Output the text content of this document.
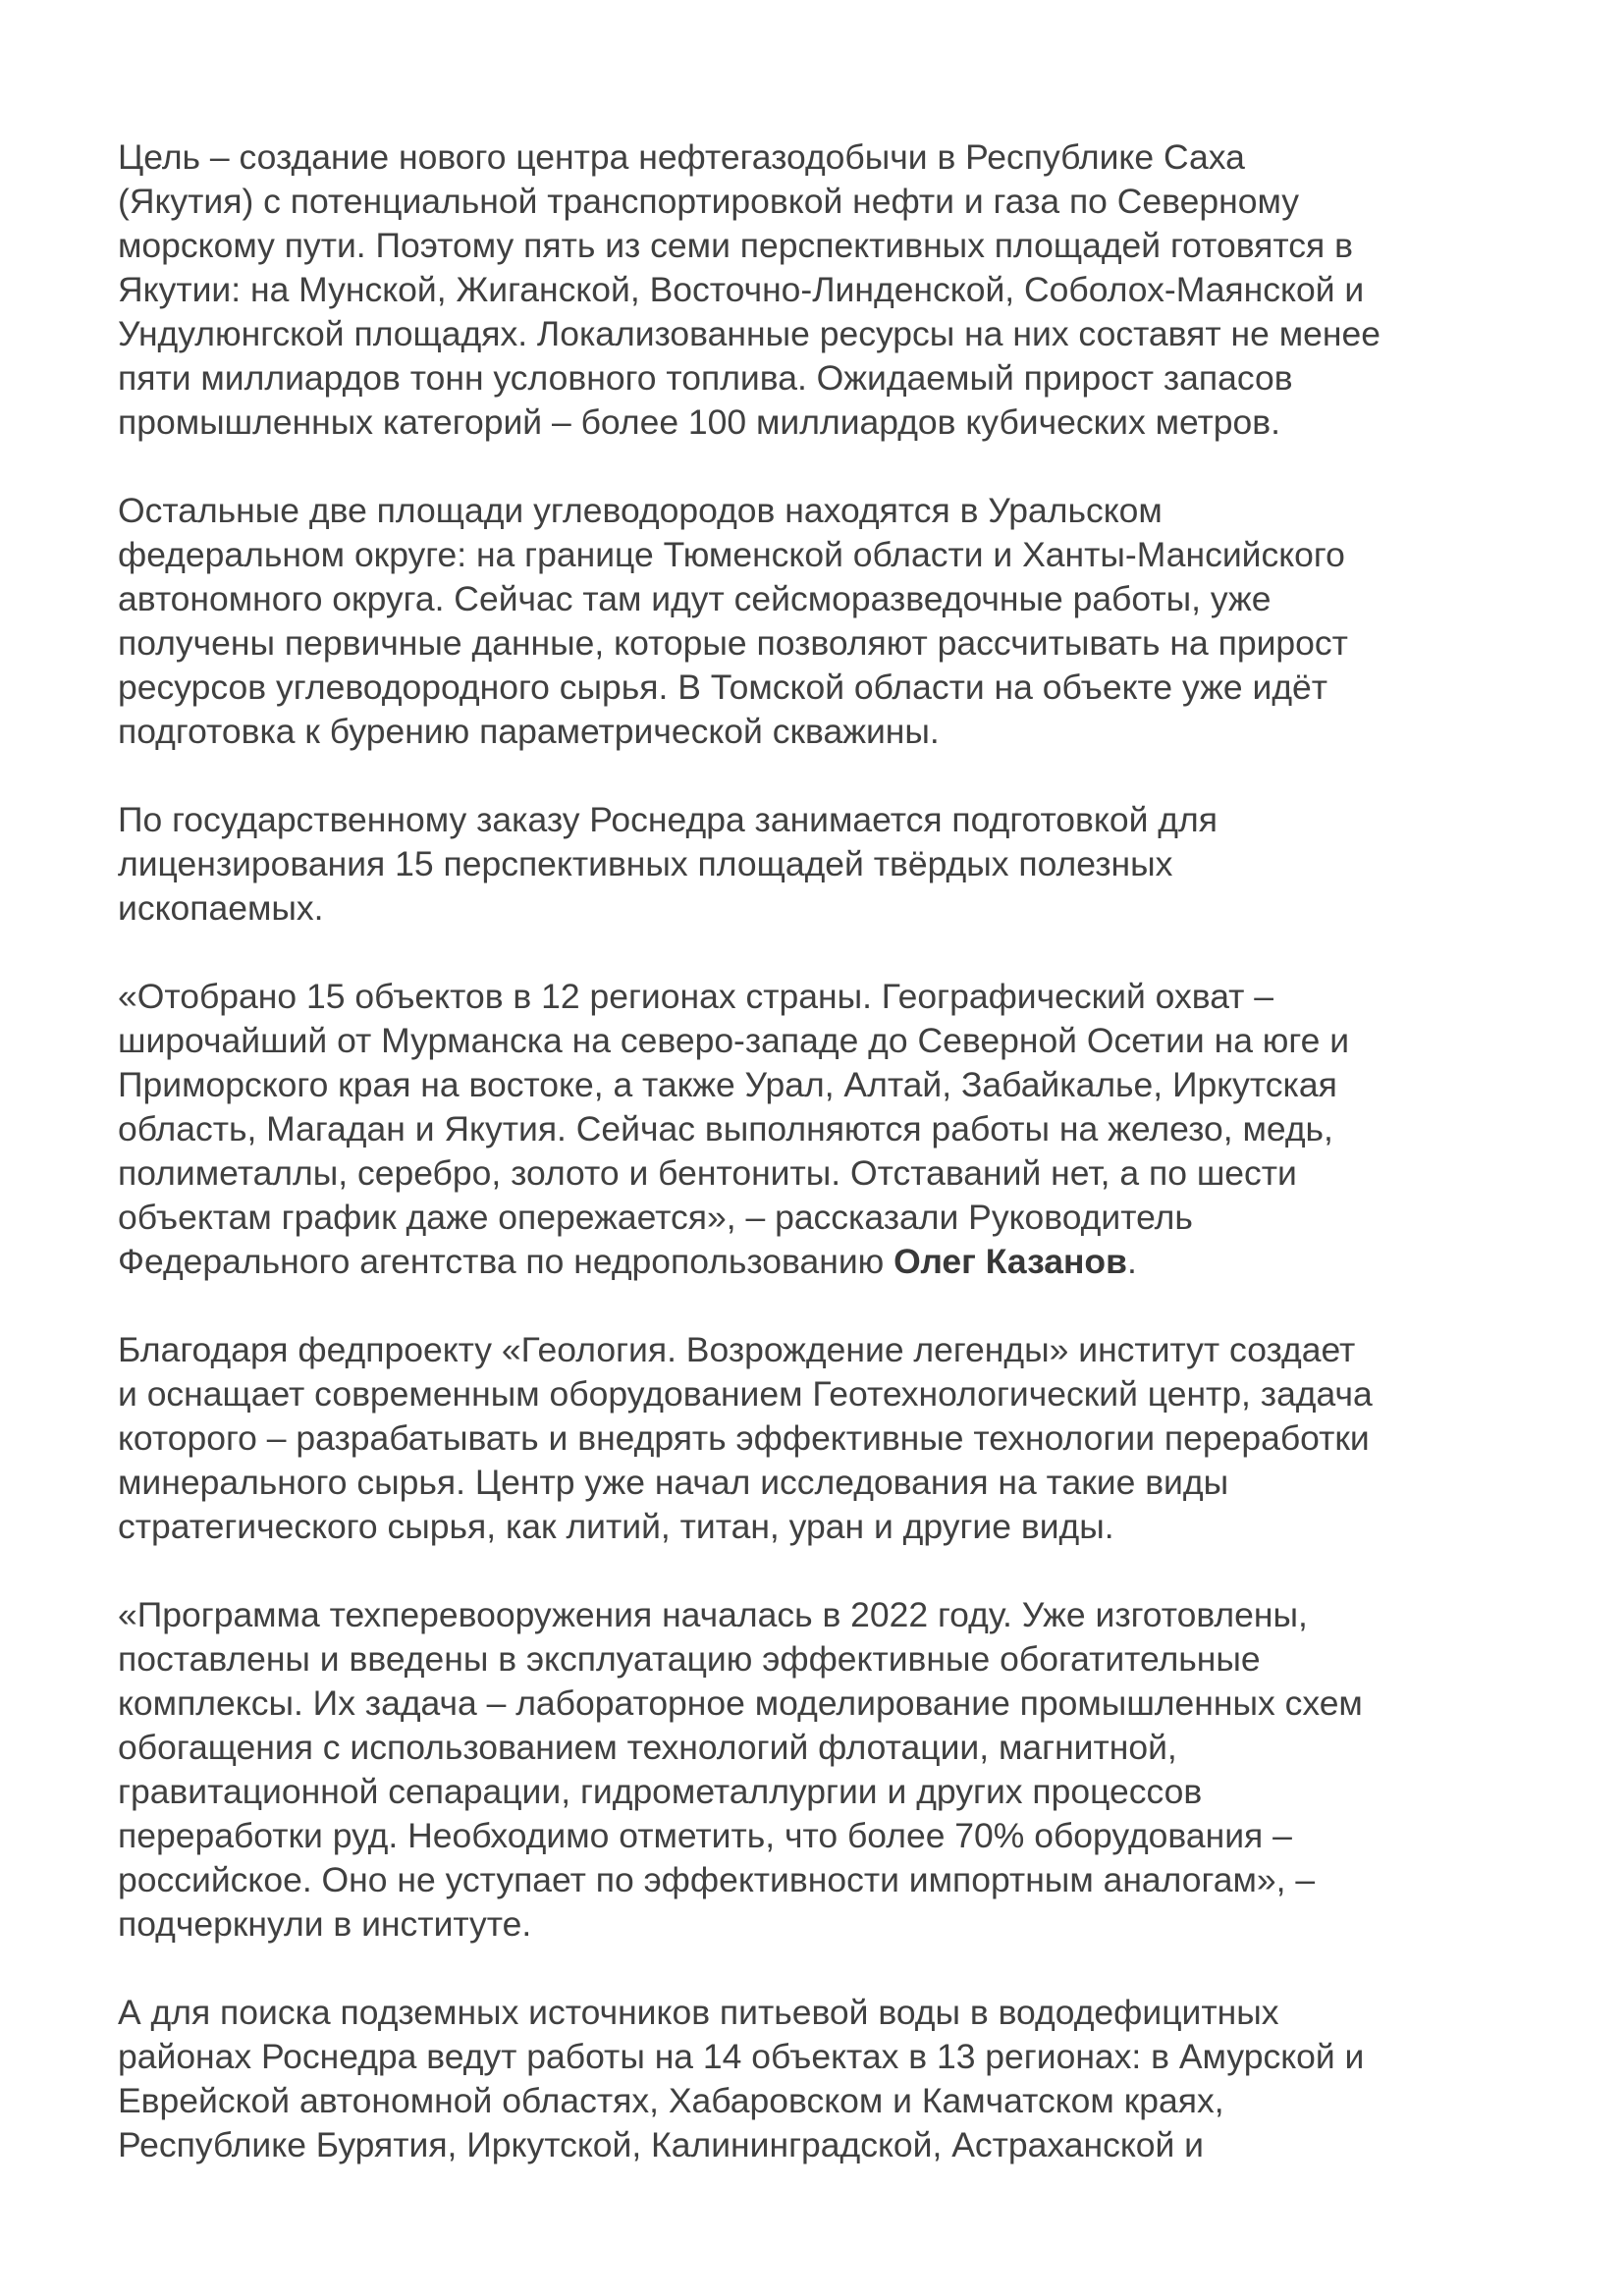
Цель – создание нового центра нефтегазодобычи в Республике Саха
(Якутия) с потенциальной транспортировкой нефти и газа по Северному
морскому пути. Поэтому пять из семи перспективных площадей готовятся в
Якутии: на Мунской, Жиганской, Восточно-Линденской, Соболох-Маянской и
Ундулюнгской площадях. Локализованные ресурсы на них составят не менее
пяти миллиардов тонн условного топлива. Ожидаемый прирост запасов
промышленных категорий – более 100 миллиардов кубических метров.

Остальные две площади углеводородов находятся в Уральском
федеральном округе: на границе Тюменской области и Ханты-Мансийского
автономного округа. Сейчас там идут сейсморазведочные работы, уже
получены первичные данные, которые позволяют рассчитывать на прирост
ресурсов углеводородного сырья. В Томской области на объекте уже идёт
подготовка к бурению параметрической скважины.

По государственному заказу Роснедра занимается подготовкой для
лицензирования 15 перспективных площадей твёрдых полезных
ископаемых.

«Отобрано 15 объектов в 12 регионах страны. Географический охват –
широчайший от Мурманска на северо-западе до Северной Осетии на юге и
Приморского края на востоке, а также Урал, Алтай, Забайкалье, Иркутская
область, Магадан и Якутия. Сейчас выполняются работы на железо, медь,
полиметаллы, серебро, золото и бентониты. Отставаний нет, а по шести
объектам график даже опережается», – рассказали Руководитель
Федерального агентства по недропользованию Олег Казанов.

Благодаря федпроекту «Геология. Возрождение легенды» институт создает
и оснащает современным оборудованием Геотехнологический центр, задача
которого – разрабатывать и внедрять эффективные технологии переработки
минерального сырья. Центр уже начал исследования на такие виды
стратегического сырья, как литий, титан, уран и другие виды.

«Программа техперевооружения началась в 2022 году. Уже изготовлены,
поставлены и введены в эксплуатацию эффективные обогатительные
комплексы. Их задача – лабораторное моделирование промышленных схем
обогащения с использованием технологий флотации, магнитной,
гравитационной сепарации, гидрометаллургии и других процессов
переработки руд. Необходимо отметить, что более 70% оборудования –
российское. Оно не уступает по эффективности импортным аналогам», –
подчеркнули в институте.

А для поиска подземных источников питьевой воды в вододефицитных
районах Роснедра ведут работы на 14 объектах в 13 регионах: в Амурской и
Еврейской автономной областях, Хабаровском и Камчатском краях,
Республике Бурятия, Иркутской, Калининградской, Астраханской и
